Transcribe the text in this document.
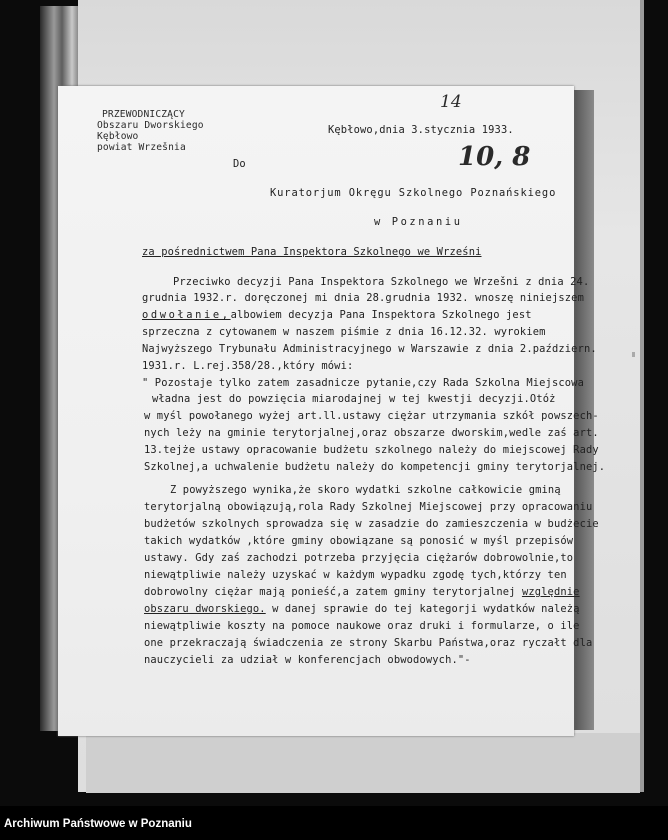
PRZEWODNICZĄCY
Obszaru Dworskiego
Kębłowo
powiat Wrzešnia
14
10, 8
Kębłowo,dnia 3.stycznia 1933.
Do
Kuratorjum Okręgu Szkolnego Poznańskiego
w Poznaniu
za pośrednictwem Pana Inspektora Szkolnego we Wrześni
Przeciwko decyzji Pana Inspektora Szkolnego we Wrzešni z dnia 24.
grudnia 1932.r. doręczonej mi dnia 28.grudnia 1932. wnoszę niniejszem
odwołanie,albowiem decyzja Pana Inspektora Szkolnego jest
sprzeczna z cytowanem w naszem piśmie z dnia 16.12.32. wyrokiem
Najwyższego Trybunału Administracyjnego w Warszawie z dnia 2.październ.
1931.r. L.rej.358/28.,który mówi:
" Pozostaje tylko zatem zasadnicze pytanie,czy Rada Szkolna Miejscowa
władna jest do powzięcia miarodajnej w tej kwestji decyzji.Otóż
w myśl powołanego wyżej art.ll.ustawy ciężar utrzymania szkół powszech-
nych leży na gminie terytorjalnej,oraz obszarze dworskim,wedle zaś art.
13.tejże ustawy opracowanie budżetu szkolnego należy do miejscowej Rady
Szkolnej,a uchwalenie budżetu należy do kompetencji gminy terytorjalnej.
Z powyższego wynika,że skoro wydatki szkolne całkowicie gminą
terytorjalną obowiązują,rola Rady Szkolnej Miejscowej przy opracowaniu
budżetów szkolnych sprowadza się w zasadzie do zamieszczenia w budżecie
takich wydatków ,które gminy obowiązane są ponosić w myśl przepisów
ustawy. Gdy zaś zachodzi potrzeba przyjęcia ciężarów dobrowolnie,to
niewątpliwie należy uzyskać w każdym wypadku zgodę tych,którzy ten
dobrowolny ciężar mają ponieść,a zatem gminy terytorjalnej względnie
obszaru dworskiego. w danej sprawie do tej kategorji wydatków należą
niewątpliwie koszty na pomoce naukowe oraz druki i formularze, o ile
one przekraczają świadczenia ze strony Skarbu Państwa,oraz ryczałt dla
nauczycieli za udział w konferencjach obwodowych."-
Archiwum Państwowe w Poznaniu
